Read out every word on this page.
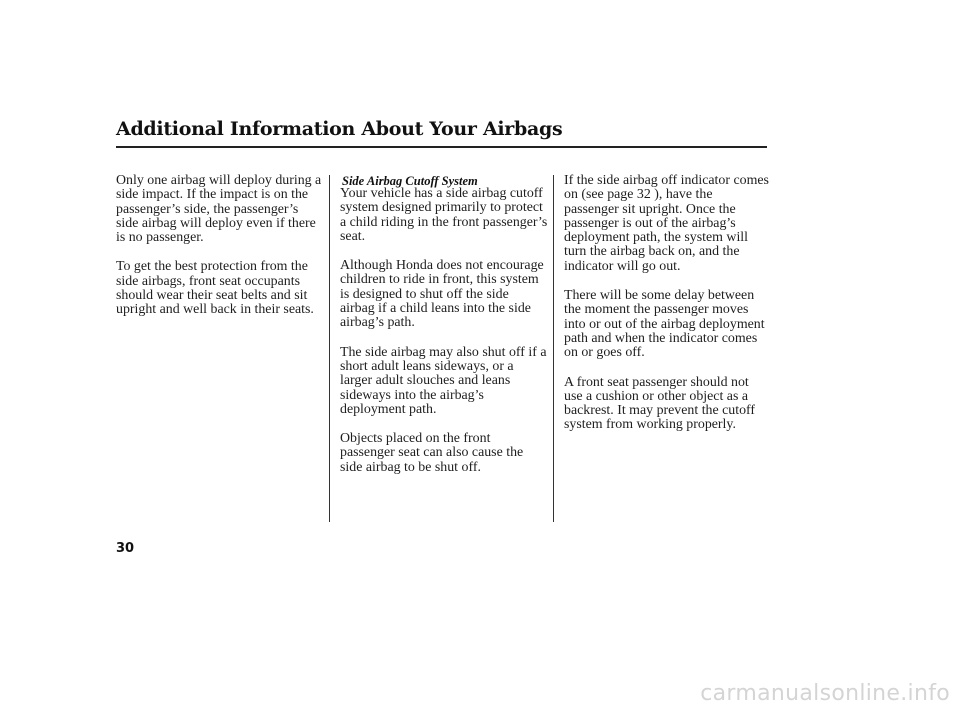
Additional Information About Your Airbags

Only one airbag will deploy during a
side impact. If the impact is on the
passenger’s side, the passenger’s
side airbag will deploy even if there
is no passenger.

To get the best protection from the
side airbags, front seat occupants
should wear their seat belts and sit
upright and well back in their seats.

Side Airbag Cutoff System

Your vehicle has a side airbag cutoff
system designed primarily to protect
a child riding in the front passenger’s
seat.

Although Honda does not encourage
children to ride in front, this system
is designed to shut off the side
airbag if a child leans into the side
airbag’s path.

The side airbag may also shut off if a
short adult leans sideways, or a
larger adult slouches and leans
sideways into the airbag’s
deployment path.

Objects placed on the front
passenger seat can also cause the
side airbag to be shut off.

If the side airbag off indicator comes
on (see page 32 ), have the
passenger sit upright. Once the
passenger is out of the airbag’s
deployment path, the system will
turn the airbag back on, and the
indicator will go out.

There will be some delay between
the moment the passenger moves
into or out of the airbag deployment
path and when the indicator comes
on or goes off.

A front seat passenger should not
use a cushion or other object as a
backrest. It may prevent the cutoff
system from working properly.

30
carmanualsonline.info
